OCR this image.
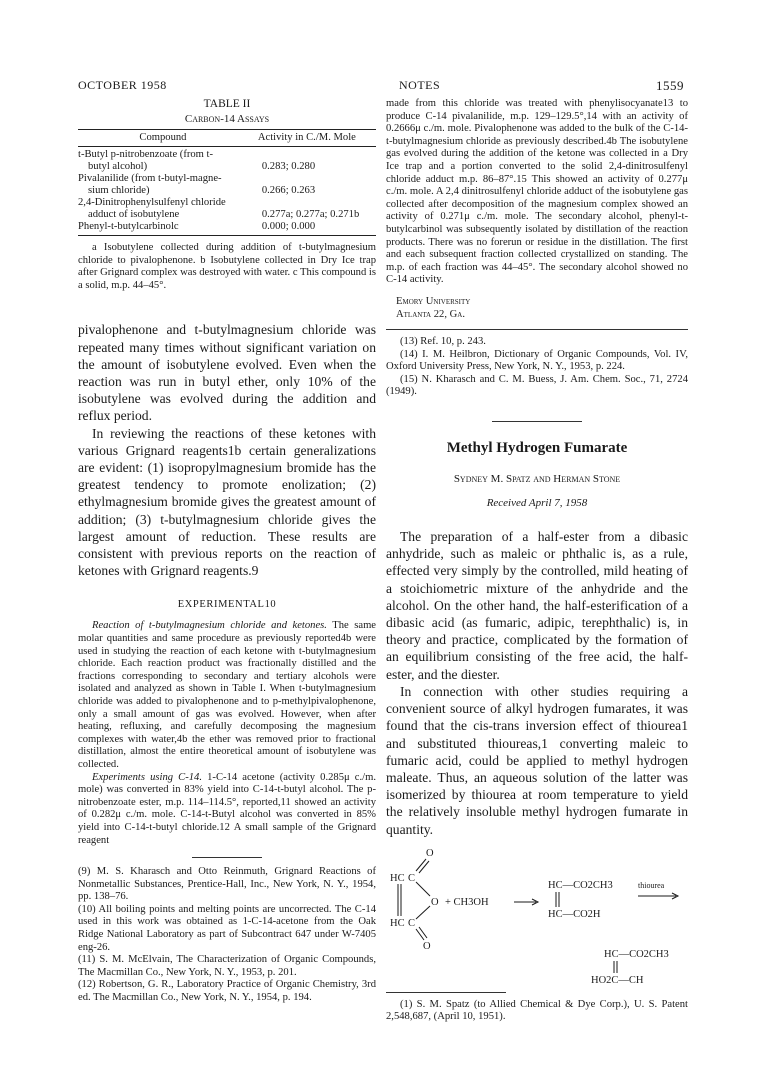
OCTOBER 1958	NOTES	1559
TABLE II
Carbon-14 Assays
Compound	Activity in C./M. Mole

t-Butyl p-nitrobenzoate (from t-
butyl alcohol)	0.283; 0.280

Pivalanilide (from t-butyl-magne-
sium chloride)	0.266; 0.263

2,4-Dinitrophenylsulfenyl chloride
adduct of isobutylene	0.277a; 0.277a; 0.271b
Phenyl-t-butylcarbinolc	0.000; 0.000

a Isobutylene collected during addition of t-butylmagnesium chloride to pivalophenone. b Isobutylene collected in Dry Ice trap after Grignard complex was destroyed with water. c This compound is a solid, m.p. 44–45°.

pivalophenone and t-butylmagnesium chloride was repeated many times without significant variation on the amount of isobutylene evolved. Even when the reaction was run in butyl ether, only 10% of the isobutylene was evolved during the addition and reflux period.

In reviewing the reactions of these ketones with various Grignard reagents1b certain generalizations are evident: (1) isopropylmagnesium bromide has the greatest tendency to promote enolization; (2) ethylmagnesium bromide gives the greatest amount of addition; (3) t-butylmagnesium chloride gives the largest amount of reduction. These results are consistent with previous reports on the reaction of ketones with Grignard reagents.9

EXPERIMENTAL10

Reaction of t-butylmagnesium chloride and ketones. The same molar quantities and same procedure as previously reported4b were used in studying the reaction of each ketone with t-butylmagnesium chloride. Each reaction product was fractionally distilled and the fractions corresponding to secondary and tertiary alcohols were isolated and analyzed as shown in Table I. When t-butylmagnesium chloride was added to pivalophenone and to p-methylpivalophenone, only a small amount of gas was evolved. However, when after heating, refluxing, and carefully decomposing the magnesium complexes with water,4b the ether was removed prior to fractional distillation, almost the entire theoretical amount of isobutylene was collected.

Experiments using C-14. 1-C-14 acetone (activity 0.285μ c./m. mole) was converted in 83% yield into C-14-t-butyl alcohol. The p-nitrobenzoate ester, m.p. 114–114.5°, reported,11 showed an activity of 0.282μ c./m. mole. C-14-t-Butyl alcohol was converted in 85% yield into C-14-t-butyl chloride.12 A small sample of the Grignard reagent

(9) M. S. Kharasch and Otto Reinmuth, Grignard Reactions of Nonmetallic Substances, Prentice-Hall, Inc., New York, N. Y., 1954, pp. 138–76.

(10) All boiling points and melting points are uncorrected. The C-14 used in this work was obtained as 1-C-14-acetone from the Oak Ridge National Laboratory as part of Subcontract 647 under W-7405 eng-26.

(11) S. M. McElvain, The Characterization of Organic Compounds, The Macmillan Co., New York, N. Y., 1953, p. 201.

(12) Robertson, G. R., Laboratory Practice of Organic Chemistry, 3rd ed. The Macmillan Co., New York, N. Y., 1954, p. 194.

made from this chloride was treated with phenylisocyanate13 to produce C-14 pivalanilide, m.p. 129–129.5°,14 with an activity of 0.2666μ c./m. mole. Pivalophenone was added to the bulk of the C-14-t-butylmagnesium chloride as previously described.4b The isobutylene gas evolved during the addition of the ketone was collected in a Dry Ice trap and a portion converted to the solid 2,4-dinitrosulfenyl chloride adduct m.p. 86–87°.15 This showed an activity of 0.277μ c./m. mole. A 2,4 dinitrosulfenyl chloride adduct of the isobutylene gas collected after decomposition of the magnesium complex showed an activity of 0.271μ c./m. mole. The secondary alcohol, phenyl-t-butylcarbinol was subsequently isolated by distillation of the reaction products. There was no forerun or residue in the distillation. The first and each subsequent fraction collected crystallized on standing. The m.p. of each fraction was 44–45°. The secondary alcohol showed no C-14 activity.

Emory University

Atlanta 22, Ga.

(13) Ref. 10, p. 243.

(14) I. M. Heilbron, Dictionary of Organic Compounds, Vol. IV, Oxford University Press, New York, N. Y., 1953, p. 224.

(15) N. Kharasch and C. M. Buess, J. Am. Chem. Soc., 71, 2724 (1949).

Methyl Hydrogen Fumarate

Sydney M. Spatz and Herman Stone

Received April 7, 1958

The preparation of a half-ester from a dibasic anhydride, such as maleic or phthalic is, as a rule, effected very simply by the controlled, mild heating of a stoichiometric mixture of the anhydride and the alcohol. On the other hand, the half-esterification of a dibasic acid (as fumaric, adipic, terephthalic) is, in theory and practice, complicated by the formation of an equilibrium consisting of the free acid, the half-ester, and the diester.

In connection with other studies requiring a convenient source of alkyl hydrogen fumarates, it was found that the cis-trans inversion effect of thiourea1 and substituted thioureas,1 converting maleic to fumaric acid, could be applied to methyl hydrogen maleate. Thus, an aqueous solution of the latter was isomerized by thiourea at room temperature to yield the relatively insoluble methyl hydrogen fumarate in quantity.

O
HC C
HC C
O
O + CH3OH
HC—CO2CH3
HC—CO2H
thiourea
HC—CO2CH3
HO2C—CH

(1) S. M. Spatz (to Allied Chemical & Dye Corp.), U. S. Patent 2,548,687, (April 10, 1951).
